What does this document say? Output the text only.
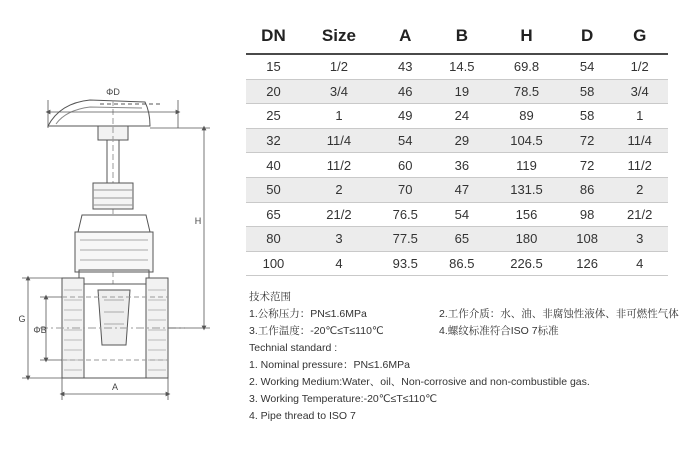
ΦD
H
G
ΦB
A
DN	Size	A	B	H	D	G
15	1/2	43	14.5	69.8	54	1/2
20	3/4	46	19	78.5	58	3/4
25	1	49	24	89	58	1
32	11/4	54	29	104.5	72	11/4
40	11/2	60	36	119	72	11/2
50	2	70	47	131.5	86	2
65	21/2	76.5	54	156	98	21/2
80	3	77.5	65	180	108	3
100	4	93.5	86.5	226.5	126	4
技术范围
1.公称压力：PN≤1.6MPa	2.工作介质：水、油、非腐蚀性液体、非可燃性气体
3.工作温度：-20℃≤T≤110℃	4.螺纹标准符合ISO 7标准
Technial standard :
1. Nominal pressure：PN≤1.6MPa
2. Working Medium:Water、oil、Non-corrosive and non-combustible gas.
3. Working Temperature:-20℃≤T≤110℃
4. Pipe thread to ISO 7
